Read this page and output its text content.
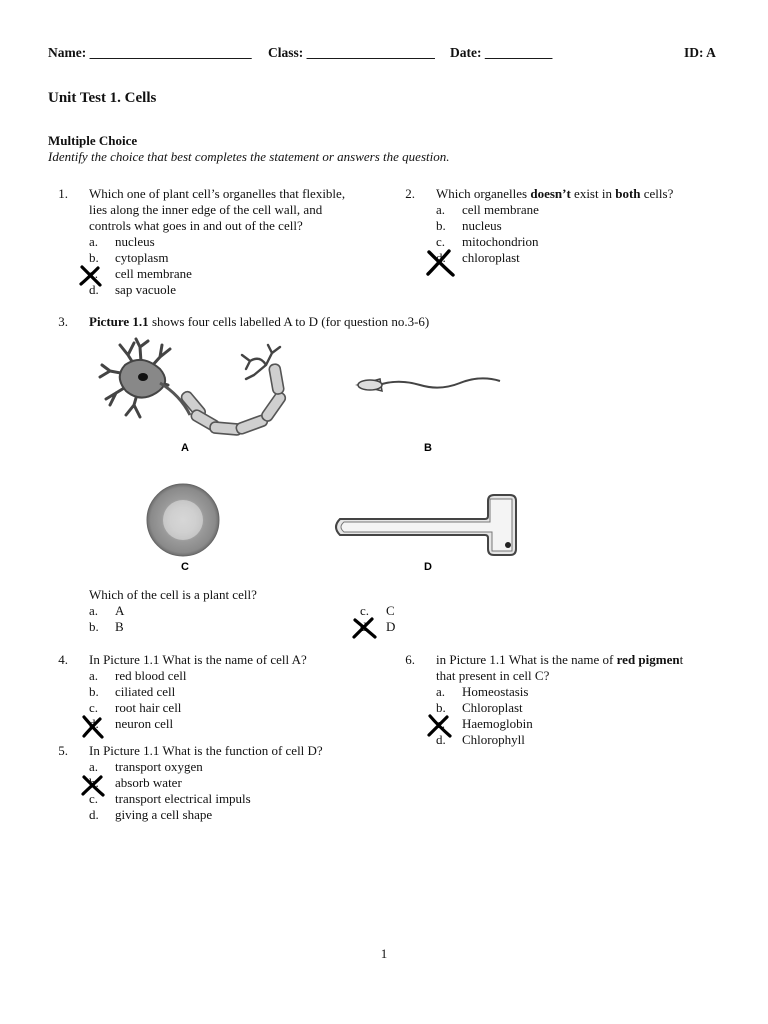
Name: ________________________ Class: ___________________ Date: __________	ID: A
Unit Test 1. Cells
Multiple Choice
Identify the choice that best completes the statement or answers the question.
1. Which one of plant cell’s organelles that flexible,
lies along the inner edge of the cell wall, and
controls what goes in and out of the cell?
a. nucleus
b. cytoplasm
c. cell membrane
d. sap vacuole
2. Which organelles doesn’t exist in both cells?
a. cell membrane
b. nucleus
c. mitochondrion
d. chloroplast
3. Picture 1.1 shows four cells labelled A to D (for question no.3-6)
A	B
C	D
Which of the cell is a plant cell?
a. A
b. B
c. C
d. D
4. In Picture 1.1 What is the name of cell A?
a. red blood cell
b. ciliated cell
c. root hair cell
d. neuron cell
5. In Picture 1.1 What is the function of cell D?
a. transport oxygen
b. absorb water
c. transport electrical impuls
d. giving a cell shape
6. in Picture 1.1 What is the name of red pigment
that present in cell C?
a. Homeostasis
b. Chloroplast
c. Haemoglobin
d. Chlorophyll
1
